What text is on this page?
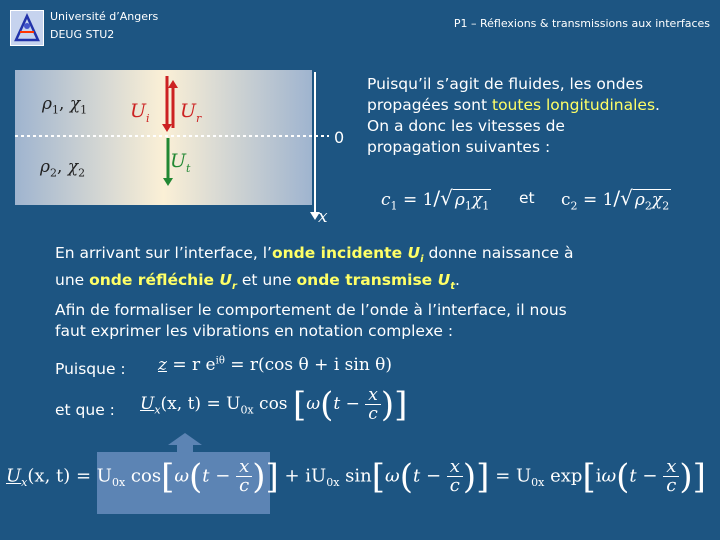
Université d’Angers
DEUG STU2
P1 – Réflexions & transmissions aux interfaces
$\rho_1$, $\chi_1$
$\rho_2$, $\chi_2$
$U_i$ $U_r$
$U_t$
0
x
Puisqu’il s’agit de fluides, les ondes
propagées sont toutes longitudinales.
On a donc les vitesses de
propagation suivantes :
$c_1 = 1/√$ $\rho_1\chi_1$ et $c_2 = 1/√$ $\rho_2\chi_2$
En arrivant sur l’interface, l’onde incidente $U_i$ donne naissance à
une onde réfléchie $U_r$ et une onde transmise $U_t$.
Afin de formaliser le comportement de l’onde à l’interface, il nous
faut exprimer les vibrations en notation complexe :
Puisque : z = r $e^{i\theta} = r(\cos$ θ + i sin θ)
et que : $U_x(x$, $t) = U_{0x}$ $\cos [\omega(t - \frac{x}{c}$ )]
$U_x(x$, $t) = U_{0x}$ $\cos[\omega(t - \frac{x}{c}$ )] + $iU_{0x}$ $\sin[\omega(t - \frac{x}{c}$ )] = $U_{0x}$ $\exp[i\omega(t - \frac{x}{c}$ )]
